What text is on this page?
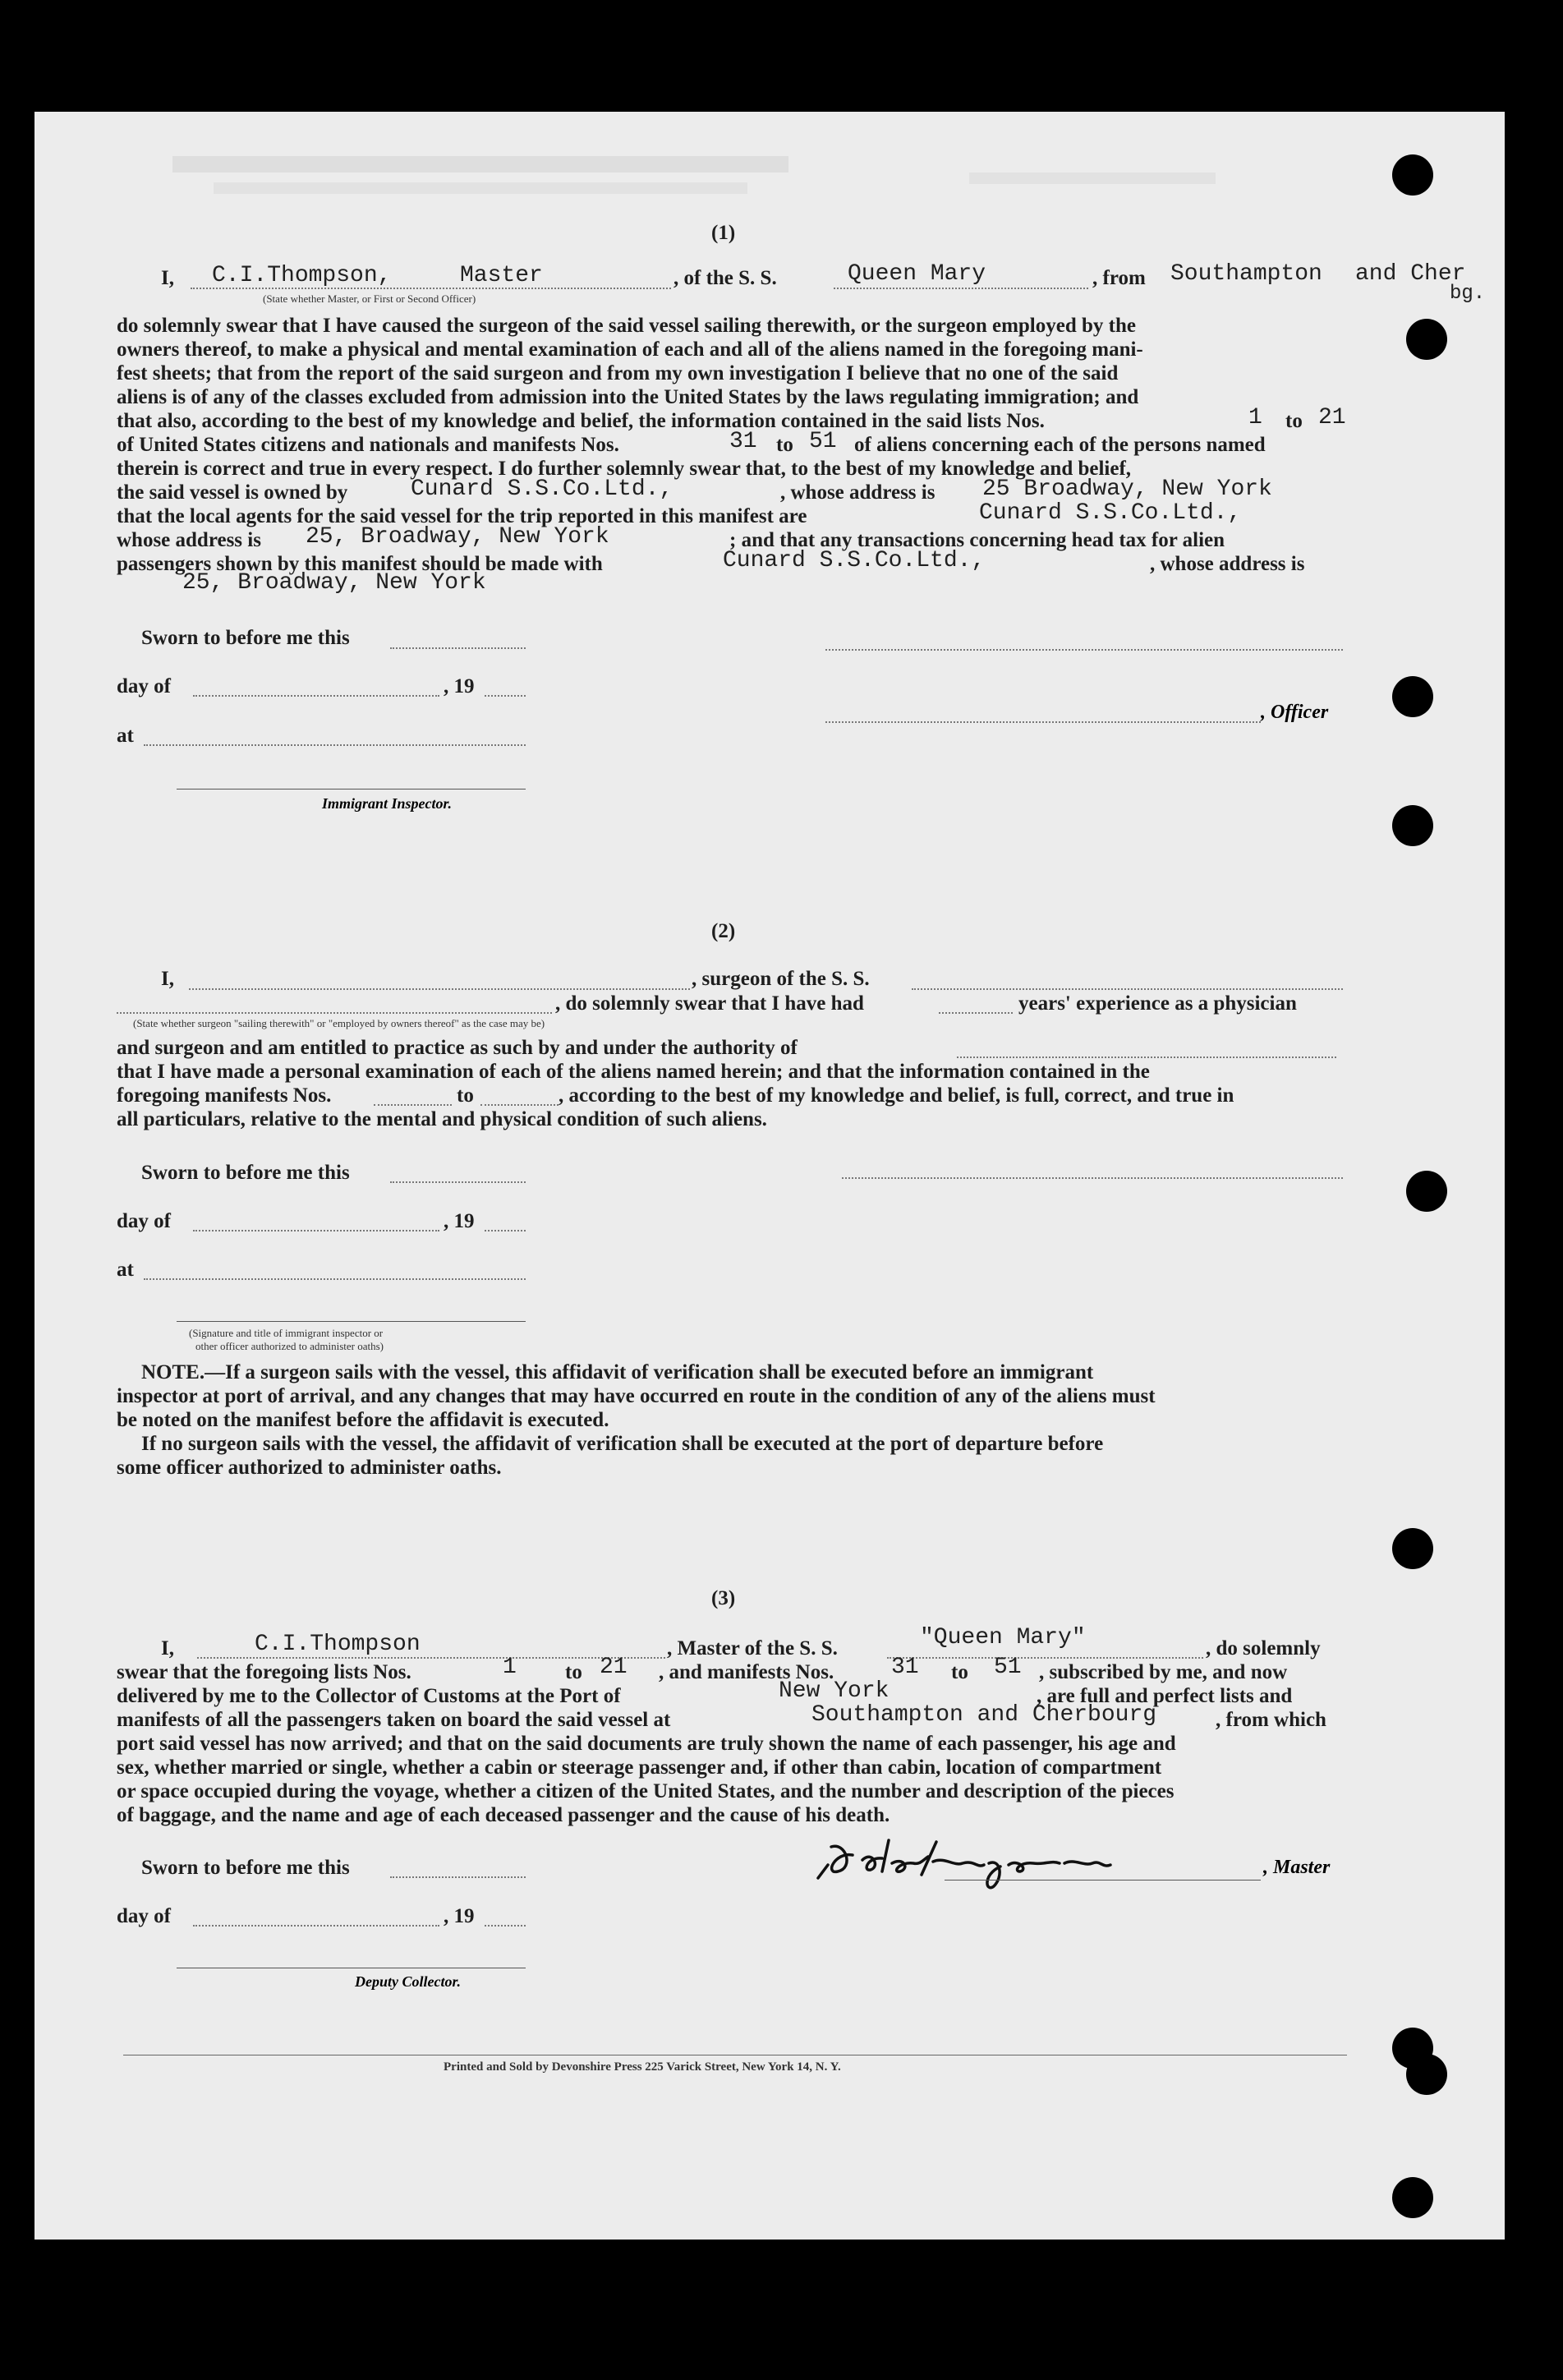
(1)
I, C.I.Thompson,	Master
(State whether Master, or First or Second Officer)
, of the S. S.	Queen Mary	, from Southampton and Cher
bg.
do solemnly swear that I have caused the surgeon of the said vessel sailing therewith, or the surgeon employed by the
owners thereof, to make a physical and mental examination of each and all of the aliens named in the foregoing mani-
fest sheets; that from the report of the said surgeon and from my own investigation I believe that no one of the said
aliens is of any of the classes excluded from admission into the United States by the laws regulating immigration; and
that also, according to the best of my knowledge and belief, the information contained in the said lists Nos.	1 to 21
of United States citizens and nationals and manifests Nos.	31 to 51 of aliens concerning each of the persons named
therein is correct and true in every respect. I do further solemnly swear that, to the best of my knowledge and belief,
the said vessel is owned by	Cunard S.S.Co.Ltd.,	, whose address is 25 Broadway, New York
that the local agents for the said vessel for the trip reported in this manifest are	Cunard S.S.Co.Ltd.,
whose address is 25, Broadway, New York	; and that any transactions concerning head tax for alien
passengers shown by this manifest should be made with	Cunard S.S.Co.Ltd.,	, whose address is
25, Broadway, New York
Sworn to before me this
day of	, 19
, Officer
at
Immigrant Inspector.
(2)
I,	, surgeon of the S. S.
, do solemnly swear that I have had	years' experience as a physician
(State whether surgeon "sailing therewith" or "employed by owners thereof" as the case may be)
and surgeon and am entitled to practice as such by and under the authority of
that I have made a personal examination of each of the aliens named herein; and that the information contained in the
foregoing manifests Nos.	to	, according to the best of my knowledge and belief, is full, correct, and true in
all particulars, relative to the mental and physical condition of such aliens.
Sworn to before me this
day of	, 19
at
(Signature and title of immigrant inspector or
other officer authorized to administer oaths)
NOTE.—If a surgeon sails with the vessel, this affidavit of verification shall be executed before an immigrant
inspector at port of arrival, and any changes that may have occurred en route in the condition of any of the aliens must
be noted on the manifest before the affidavit is executed.
If no surgeon sails with the vessel, the affidavit of verification shall be executed at the port of departure before
some officer authorized to administer oaths.
(3)
I,	C.I.Thompson	, Master of the S. S.	"Queen Mary"	, do solemnly
swear that the foregoing lists Nos.	1 to 21 , and manifests Nos. 31 to 51 , subscribed by me, and now
delivered by me to the Collector of Customs at the Port of	New York	, are full and perfect lists and
manifests of all the passengers taken on board the said vessel at	Southampton and Cherbourg	, from which
port said vessel has now arrived; and that on the said documents are truly shown the name of each passenger, his age and
sex, whether married or single, whether a cabin or steerage passenger and, if other than cabin, location of compartment
or space occupied during the voyage, whether a citizen of the United States, and the number and description of the pieces
of baggage, and the name and age of each deceased passenger and the cause of his death.
Sworn to before me this	, Master
day of	, 19
Deputy Collector.
Printed and Sold by Devonshire Press 225 Varick Street, New York 14, N. Y.
